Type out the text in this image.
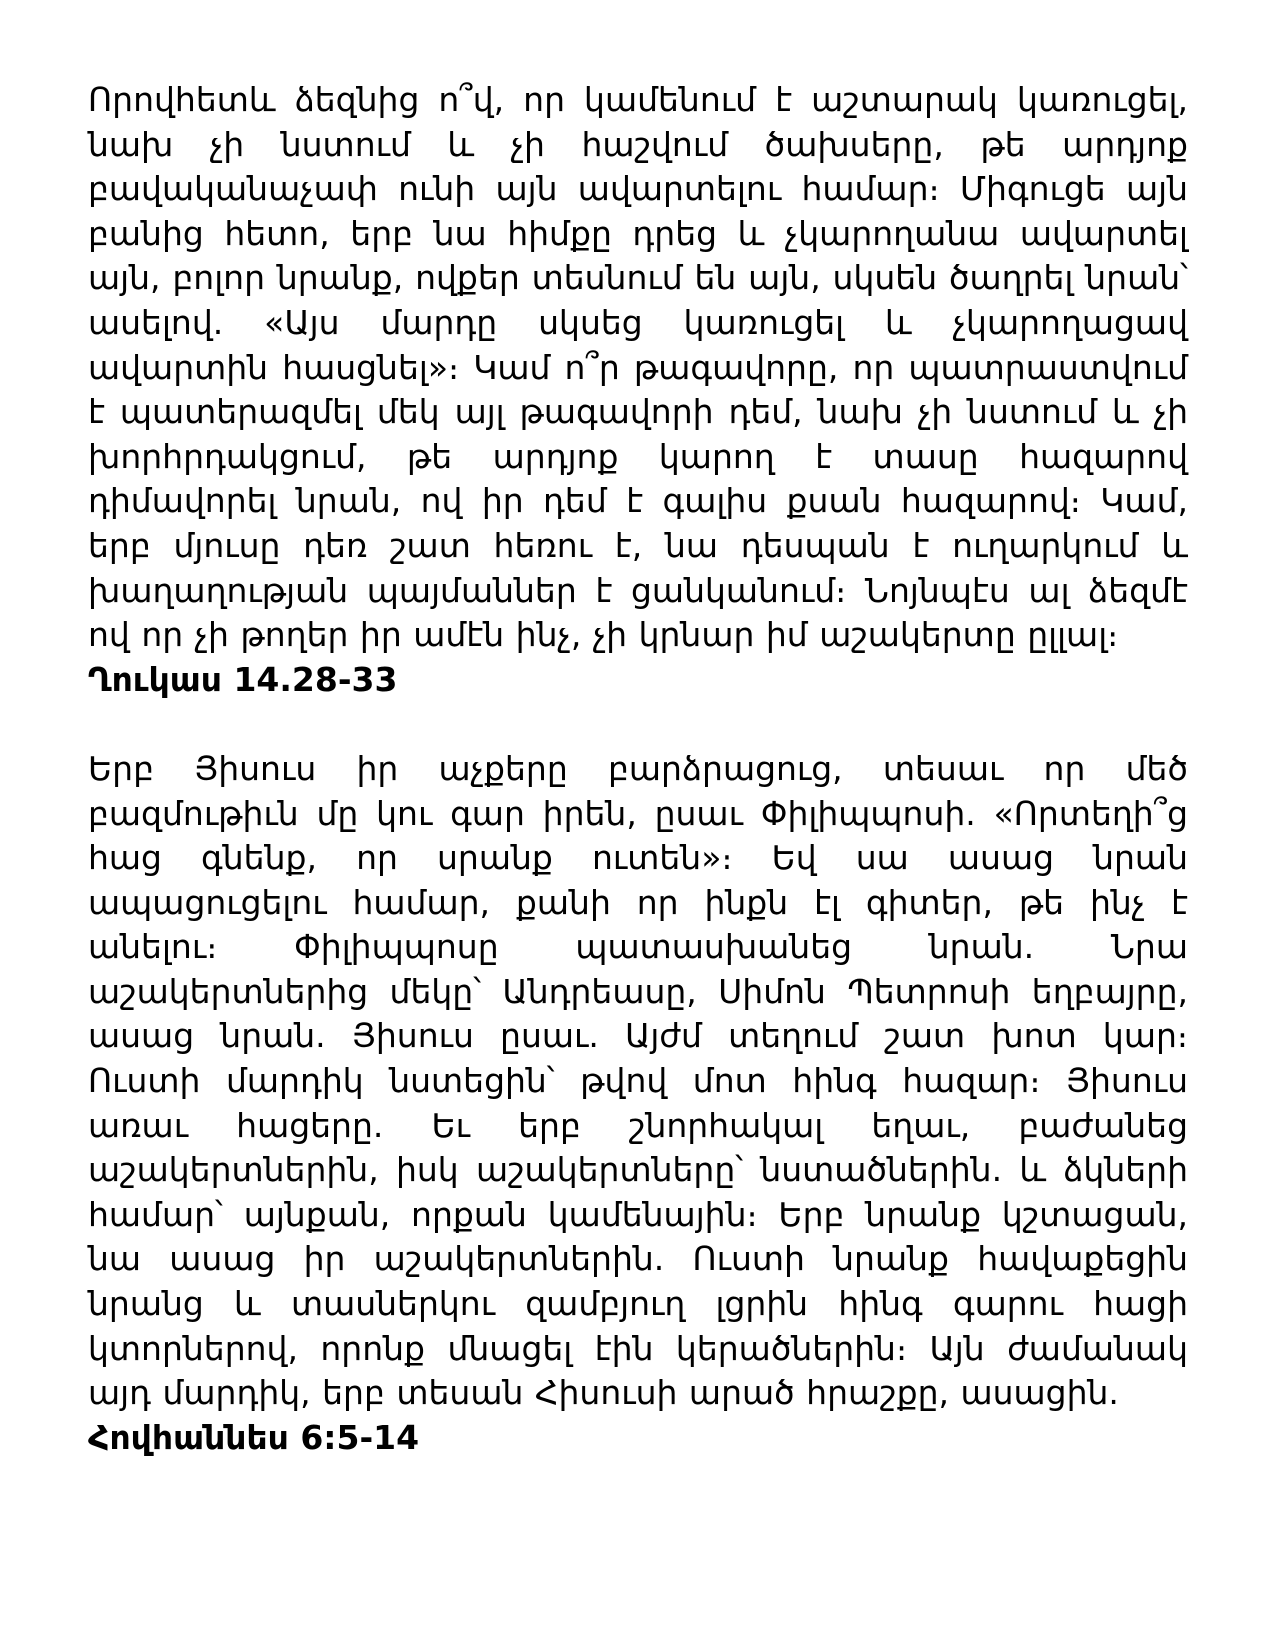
Որովհետև ձեզնից ո՞վ, որ կամենում է աշտարակ կառուցել, նախ չի նստում և չի հաշվում ծախսերը, թե արդյոք բավականաչափ ունի այն ավարտելու համար։ Միգուցե այն բանից հետո, երբ նա հիմքը դրեց և չկարողանա ավարտել այն, բոլոր նրանք, ովքեր տեսնում են այն, սկսեն ծաղրել նրան՝ ասելով. «Այս մարդը սկսեց կառուցել և չկարողացավ ավարտին հասցնել»։ Կամ ո՞ր թագավորը, որ պատրաստվում է պատերազմել մեկ այլ թագավորի դեմ, նախ չի նստում և չի խորհրդակցում, թե արդյոք կարող է տասը հազարով դիմավորել նրան, ով իր դեմ է գալիս քսան հազարով։ Կամ, երբ մյուսը դեռ շատ հեռու է, նա դեսպան է ուղարկում և խաղաղության պայմաններ է ցանկանում։ Նոյնպէս ալ ձեզմէ ով որ չի թողեր իր ամէն ինչ, չի կրնար իմ աշակերտը ըլլալ։

Ղուկաս 14.28-33

Երբ Յիսուս իր աչքերը բարձրացուց, տեսաւ որ մեծ բազմութիւն մը կու գար իրեն, ըսաւ Փիլիպպոսի. «Որտեղի՞ց հաց գնենք, որ սրանք ուտեն»։ Եվ սա ասաց նրան ապացուցելու համար, քանի որ ինքն էլ գիտեր, թե ինչ է անելու։ Փիլիպպոսը պատասխանեց նրան. Նրա աշակերտներից մեկը՝ Անդրեասը, Սիմոն Պետրոսի եղբայրը, ասաց նրան. Յիսուս ըսաւ. Այժմ տեղում շատ խոտ կար։ Ուստի մարդիկ նստեցին՝ թվով մոտ հինգ հազար։ Յիսուս առաւ հացերը. Եւ երբ շնորհակալ եղաւ, բաժանեց աշակերտներին, իսկ աշակերտները՝ նստածներին. և ձկների համար՝ այնքան, որքան կամենային։ Երբ նրանք կշտացան, նա ասաց իր աշակերտներին. Ուստի նրանք հավաքեցին նրանց և տասներկու զամբյուղ լցրին հինգ գարու հացի կտորներով, որոնք մնացել էին կերածներին։ Այն ժամանակ այդ մարդիկ, երբ տեսան Հիսուսի արած հրաշքը, ասացին.

Հովհաննես 6:5-14
